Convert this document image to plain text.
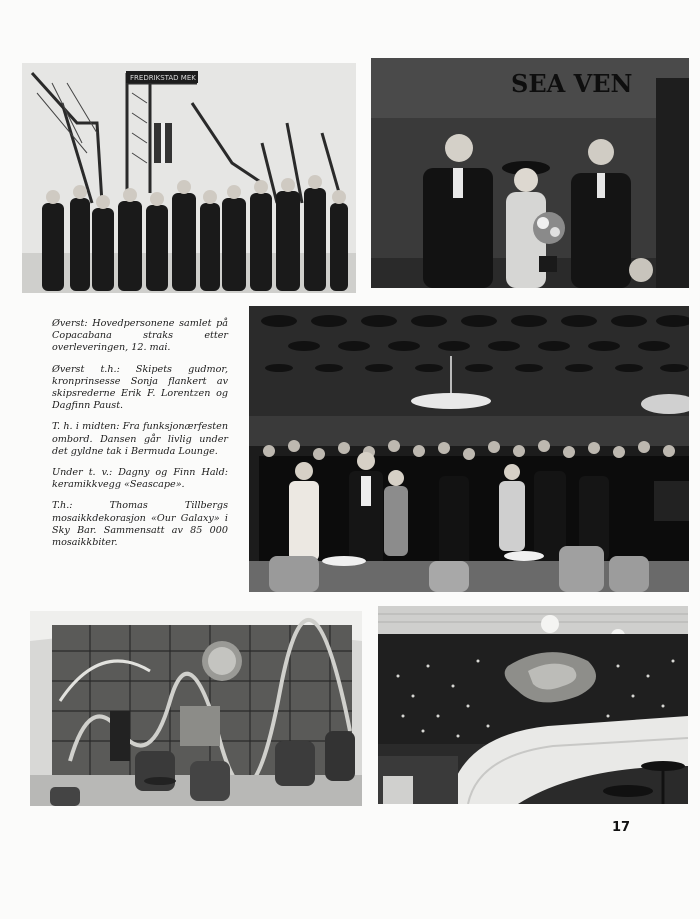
FREDRIKSTAD MEK	SEA VEN

Øverst: Hovedpersonene samlet på Copacabana straks etter overleveringen, 12. mai.

Øverst t.h.: Skipets gudmor, kronprinsesse Sonja flankert av skipsrederne Erik F. Lorentzen og Dagfinn Paust.

T. h. i midten: Fra funksjonærfesten ombord. Dansen går livlig under det gyldne tak i Bermuda Lounge.

Under t. v.: Dagny og Finn Hald: keramikkvegg «Seascape».

T.h.: Thomas Tillbergs mosaikkdekorasjon «Our Galaxy» i Sky Bar. Sammensatt av 85 000 mosaikkbiter.

17
